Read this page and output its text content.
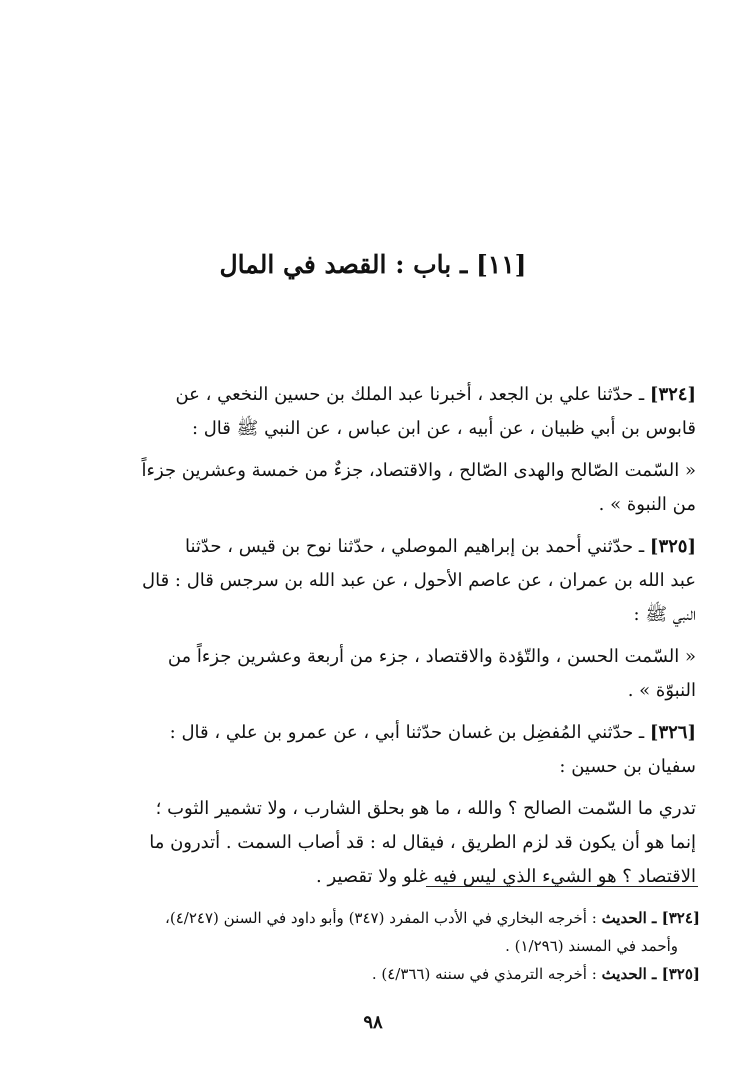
[١١] ـ باب : القصد في المال

[٣٢٤] ـ حدّثنا علي بن الجعد ، أخبرنا عبد الملك بن حسين النخعي ، عن

قابوس بن أبي ظبيان ، عن أبيه ، عن ابن عباس ، عن النبي ﷺ قال :

« السّمت الصّالح والهدى الصّالح ، والاقتصاد، جزءٌ من خمسة وعشرين جزءاً

من النبوة » .

[٣٢٥] ـ حدّثني أحمد بن إبراهيم الموصلي ، حدّثنا نوح بن قيس ، حدّثنا

عبد الله بن عمران ، عن عاصم الأحول ، عن عبد الله بن سرجس قال : قال

النبي ﷺ :

« السّمت الحسن ، والتّؤدة والاقتصاد ، جزء من أربعة وعشرين جزءاً من

النبوّة » .

[٣٢٦] ـ حدّثني المُفضِل بن غسان حدّثنا أبي ، عن عمرو بن علي ، قال :

سفيان بن حسين :

تدري ما السّمت الصالح ؟ والله ، ما هو بحلق الشارب ، ولا تشمير الثوب ؛

إنما هو أن يكون قد لزم الطريق ، فيقال له : قد أصاب السمت . أتدرون ما

الاقتصاد ؟ هو الشيء الذي ليس فيه غلو ولا تقصير .

[٣٢٤] ـ الحديث : أخرجه البخاري في الأدب المفرد (٣٤٧) وأبو داود في السنن (٤/٢٤٧)،

وأحمد في المسند (١/٢٩٦) .

[٣٢٥] ـ الحديث : أخرجه الترمذي في سننه (٤/٣٦٦) .

٩٨
